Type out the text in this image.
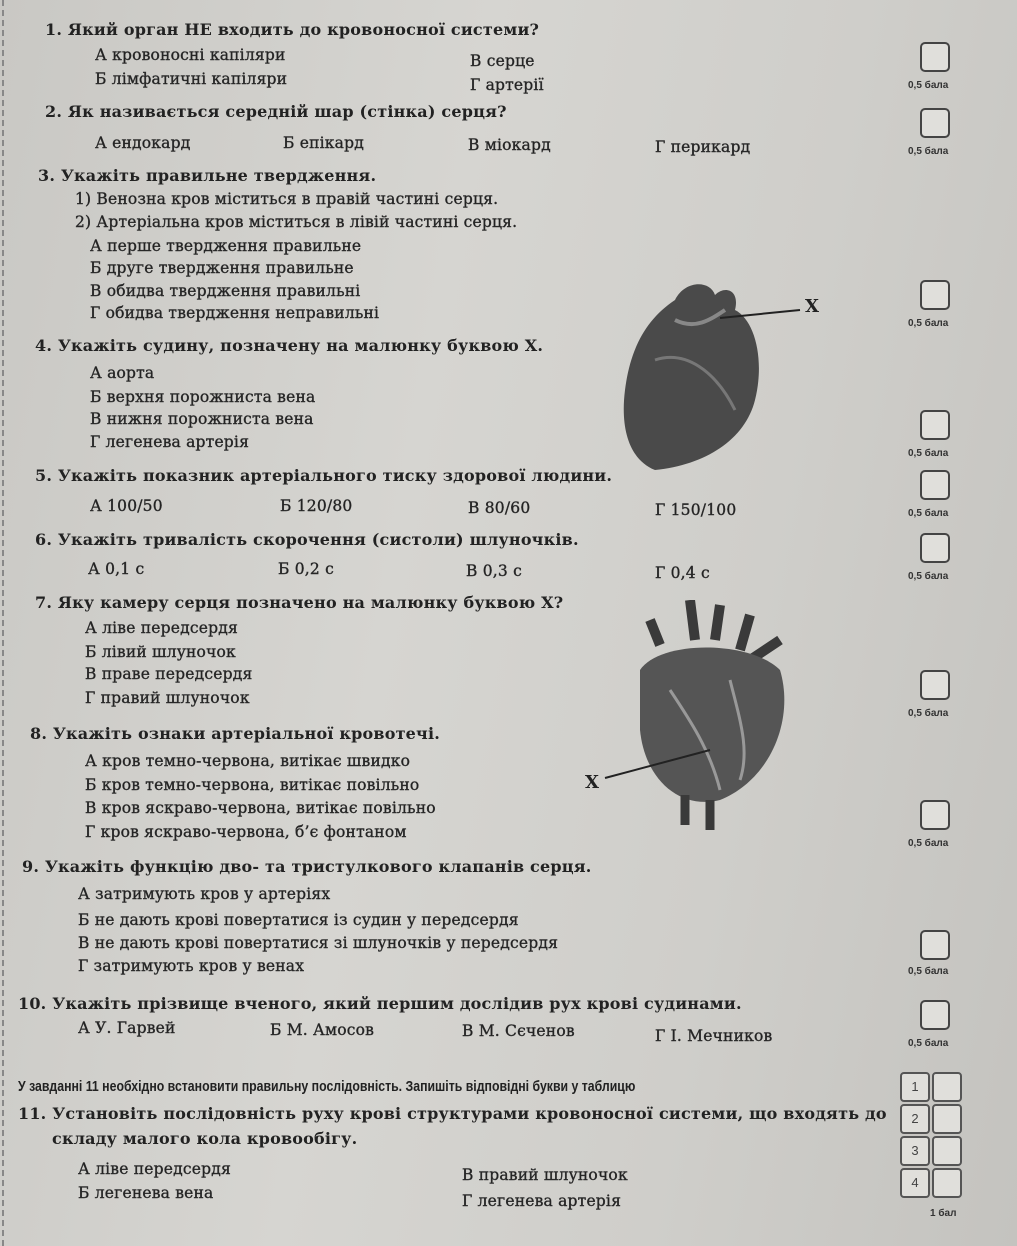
1. Який орган НЕ входить до кровоносної системи?
А кровоносні капіляри
Б лімфатичні капіляри
В серце
Г артерії	0,5 бала
2. Як називається середній шар (стінка) серця?
А ендокард	Б епікард	В міокард	Г перикард	0,5 бала
3. Укажіть правильне твердження.
1) Венозна кров міститься в правій частині серця.
2) Артеріальна кров міститься в лівій частині серця.
А перше твердження правильне
Б друге твердження правильне
В обидва твердження правильні
Г обидва твердження неправильні
0,5 бала
4. Укажіть судину, позначену на малюнку буквою Х.
А аорта
Б верхня порожниста вена
В нижня порожниста вена
Г легенева артерія
0,5 бала
Х
5. Укажіть показник артеріального тиску здорової людини.
А 100/50	Б 120/80	В 80/60	Г 150/100	0,5 бала
6. Укажіть тривалість скорочення (систоли) шлуночків.
А 0,1 с	Б 0,2 с	В 0,3 с	Г 0,4 с	0,5 бала
7. Яку камеру серця позначено на малюнку буквою Х?
А ліве передсердя
Б лівий шлуночок
В праве передсердя
Г правий шлуночок
0,5 бала
Х
8. Укажіть ознаки артеріальної кровотечі.
А кров темно-червона, витікає швидко
Б кров темно-червона, витікає повільно
В кров яскраво-червона, витікає повільно
Г кров яскраво-червона, б’є фонтаном
0,5 бала
9. Укажіть функцію дво- та тристулкового клапанів серця.
А затримують кров у артеріях
Б не дають крові повертатися із судин у передсердя
В не дають крові повертатися зі шлуночків у передсердя
Г затримують кров у венах	0,5 бала
10. Укажіть прізвище вченого, який першим дослідив рух крові судинами.
А У. Гарвей	Б М. Амосов	В М. Сєченов	Г І. Мечников	0,5 бала
У завданні 11 необхідно встановити правильну послідовність. Запишіть відповідні букви у таблицю
11. Установіть послідовність руху крові структурами кровоносної системи, що входять до
складу малого кола кровообігу.
А ліве передсердя
Б легенева вена
В правий шлуночок
Г легенева артерія
1
2
3
4
1 бал
